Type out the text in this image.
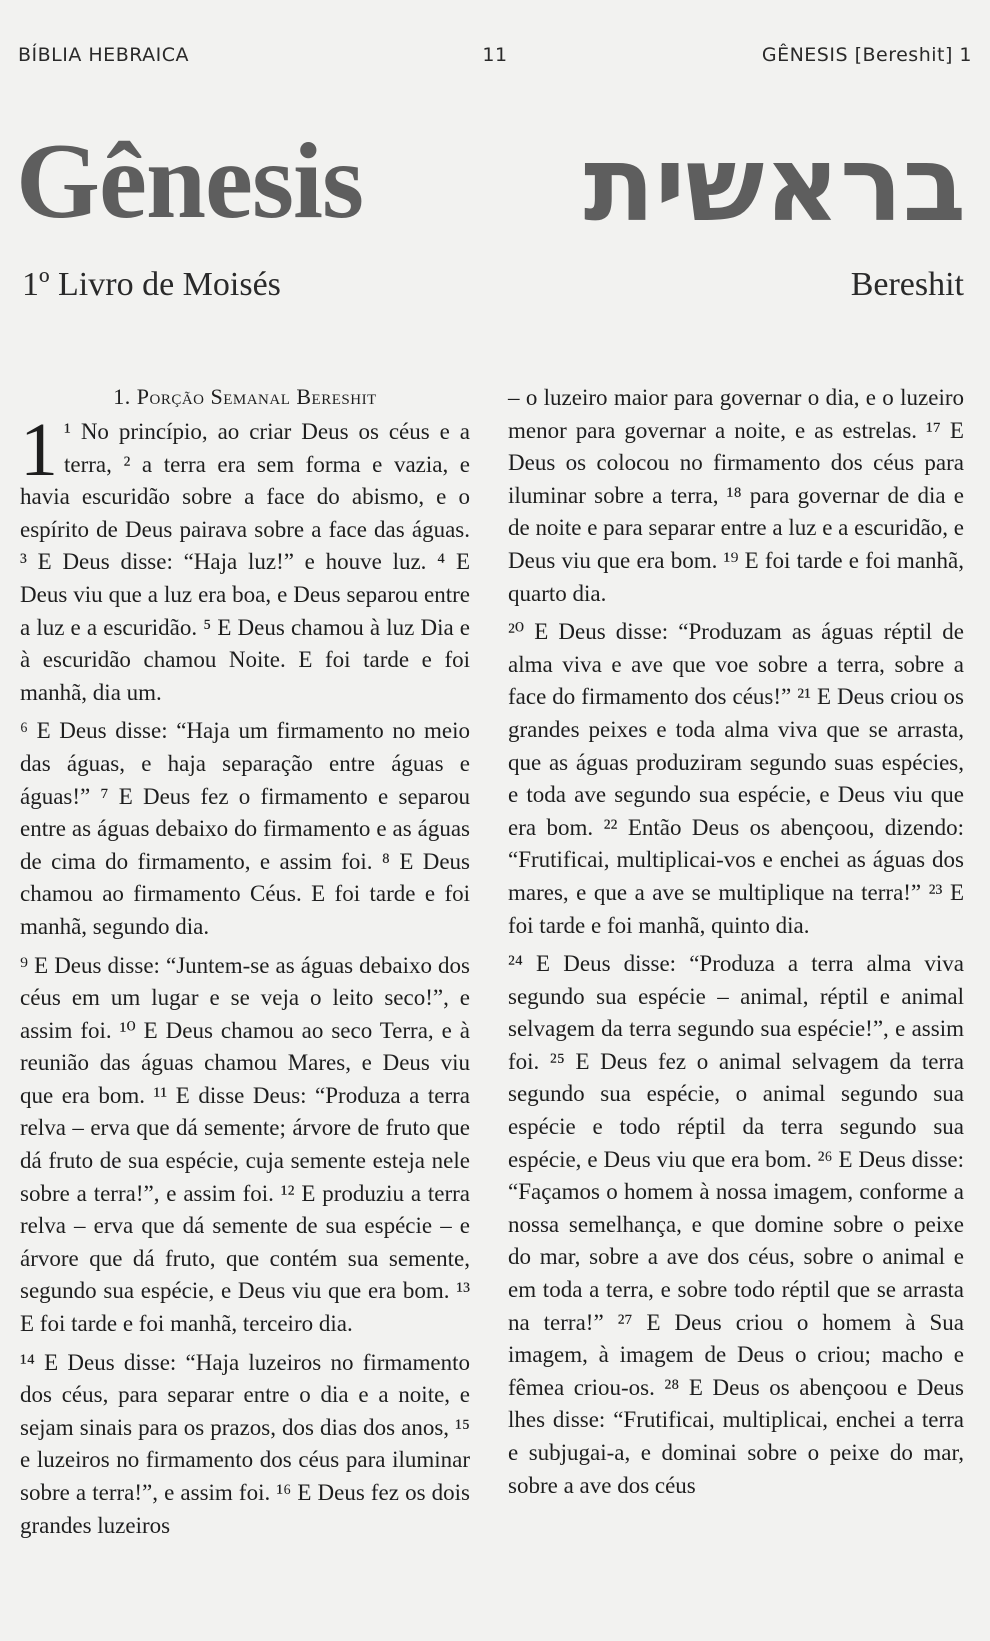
BÍBLIA HEBRAICA	11	GÊNESIS [Bereshit] 1
Gênesis בראשית
1º Livro de Moisés	Bereshit
1. Porção Semanal Bereshit

1 ¹ No princípio, ao criar Deus os céus e a terra, ² a terra era sem forma e vazia, e havia escuridão sobre a face do abismo, e o espírito de Deus pairava sobre a face das águas. ³ E Deus disse: “Haja luz!” e houve luz. ⁴ E Deus viu que a luz era boa, e Deus separou entre a luz e a escuridão. ⁵ E Deus chamou à luz Dia e à escuridão chamou Noite. E foi tarde e foi manhã, dia um.

⁶ E Deus disse: “Haja um firmamento no meio das águas, e haja separação entre águas e águas!” ⁷ E Deus fez o firmamento e separou entre as águas debaixo do firmamento e as águas de cima do firmamento, e assim foi. ⁸ E Deus chamou ao firmamento Céus. E foi tarde e foi manhã, segundo dia.

⁹ E Deus disse: “Juntem-se as águas debaixo dos céus em um lugar e se veja o leito seco!”, e assim foi. ¹⁰ E Deus chamou ao seco Terra, e à reunião das águas chamou Mares, e Deus viu que era bom. ¹¹ E disse Deus: “Produza a terra relva – erva que dá semente; árvore de fruto que dá fruto de sua espécie, cuja semente esteja nele sobre a terra!”, e assim foi. ¹² E produziu a terra relva – erva que dá semente de sua espécie – e árvore que dá fruto, que contém sua semente, segundo sua espécie, e Deus viu que era bom. ¹³ E foi tarde e foi manhã, terceiro dia.

¹⁴ E Deus disse: “Haja luzeiros no firmamento dos céus, para separar entre o dia e a noite, e sejam sinais para os prazos, dos dias dos anos, ¹⁵ e luzeiros no firmamento dos céus para iluminar sobre a terra!”, e assim foi. ¹⁶ E Deus fez os dois grandes luzeiros

– o luzeiro maior para governar o dia, e o luzeiro menor para governar a noite, e as estrelas. ¹⁷ E Deus os colocou no firmamento dos céus para iluminar sobre a terra, ¹⁸ para governar de dia e de noite e para separar entre a luz e a escuridão, e Deus viu que era bom. ¹⁹ E foi tarde e foi manhã, quarto dia.

²⁰ E Deus disse: “Produzam as águas réptil de alma viva e ave que voe sobre a terra, sobre a face do firmamento dos céus!” ²¹ E Deus criou os grandes peixes e toda alma viva que se arrasta, que as águas produziram segundo suas espécies, e toda ave segundo sua espécie, e Deus viu que era bom. ²² Então Deus os abençoou, dizendo: “Frutificai, multiplicai-vos e enchei as águas dos mares, e que a ave se multiplique na terra!” ²³ E foi tarde e foi manhã, quinto dia.

²⁴ E Deus disse: “Produza a terra alma viva segundo sua espécie – animal, réptil e animal selvagem da terra segundo sua espécie!”, e assim foi. ²⁵ E Deus fez o animal selvagem da terra segundo sua espécie, o animal segundo sua espécie e todo réptil da terra segundo sua espécie, e Deus viu que era bom. ²⁶ E Deus disse: “Façamos o homem à nossa imagem, conforme a nossa semelhança, e que domine sobre o peixe do mar, sobre a ave dos céus, sobre o animal e em toda a terra, e sobre todo réptil que se arrasta na terra!” ²⁷ E Deus criou o homem à Sua imagem, à imagem de Deus o criou; macho e fêmea criou-os. ²⁸ E Deus os abençoou e Deus lhes disse: “Frutificai, multiplicai, enchei a terra e subjugai-a, e dominai sobre o peixe do mar, sobre a ave dos céus
